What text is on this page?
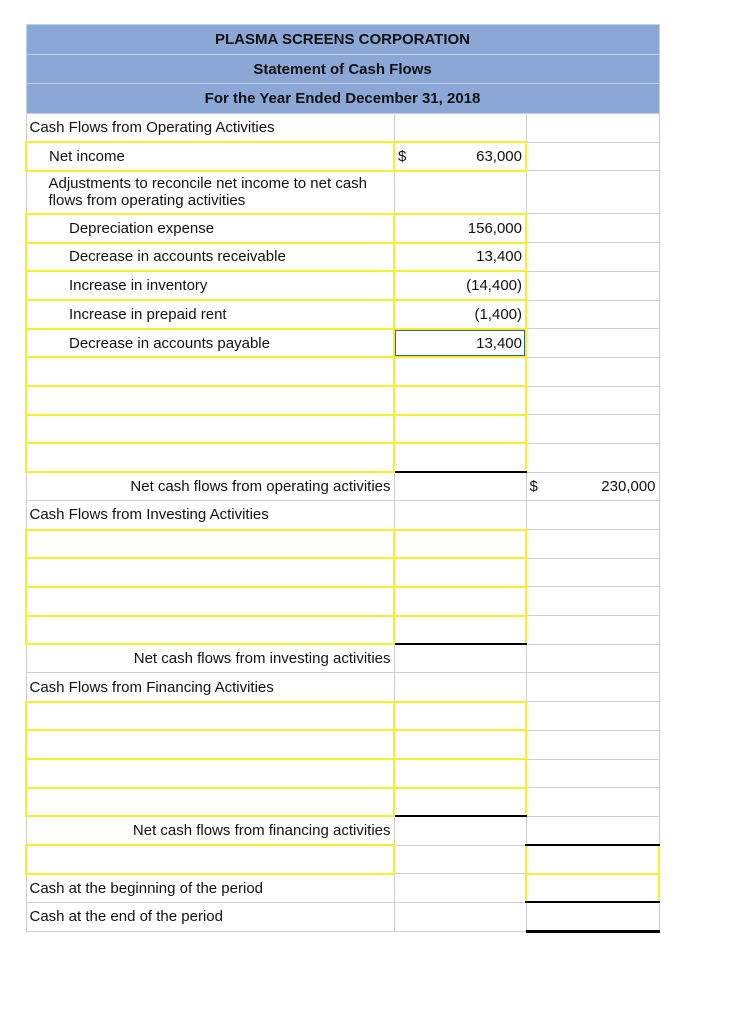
PLASMA SCREENS CORPORATION		
Statement of Cash Flows		
For the Year Ended December 31, 2018		
Cash Flows from Operating Activities		
Net income	$ 63,000	

Adjustments to reconcile net income to net cash flows from operating activities		
Depreciation expense	156,000	

Decrease in accounts receivable	13,400	

Increase in inventory	(14,400)	

Increase in prepaid rent	(1,400)	

Decrease in accounts payable	13,400	

Net cash flows from operating activities		$ 230,000

Cash Flows from Investing Activities		

Net cash flows from investing activities		
Cash Flows from Financing Activities		

Net cash flows from financing activities		

Cash at the beginning of the period		
Cash at the end of the period		
